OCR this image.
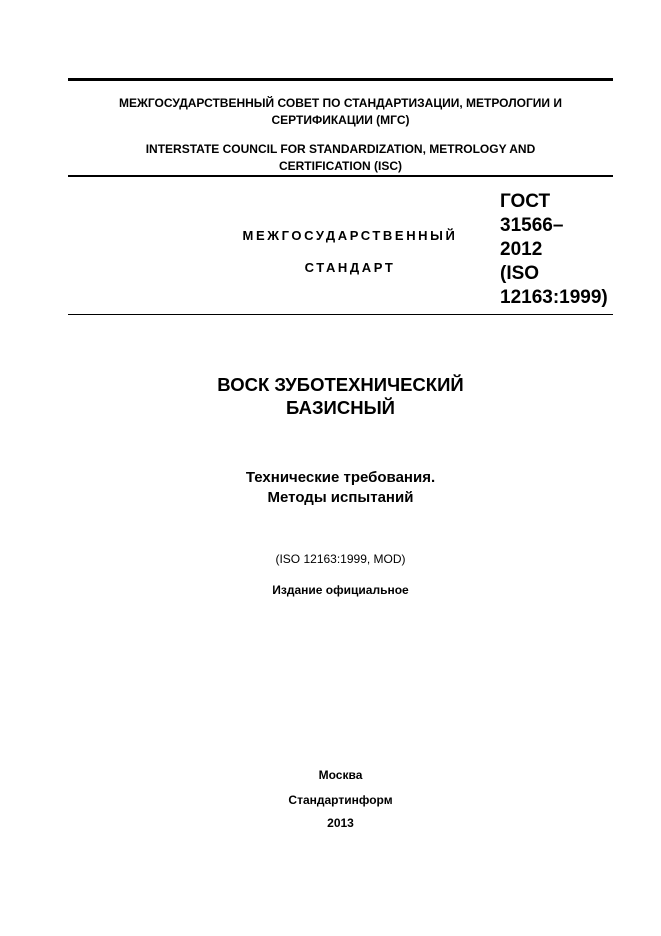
МЕЖГОСУДАРСТВЕННЫЙ СОВЕТ ПО СТАНДАРТИЗАЦИИ, МЕТРОЛОГИИ И
СЕРТИФИКАЦИИ (МГС)
INTERSTATE COUNCIL FOR STANDARDIZATION, METROLOGY AND
CERTIFICATION (ISC)
МЕЖГОСУДАРСТВЕННЫЙ
СТАНДАРТ
ГОСТ
31566–
2012
(ISO
12163:1999)
ВОСК ЗУБОТЕХНИЧЕСКИЙ
БАЗИСНЫЙ
Технические требования.
Методы испытаний
(ISO 12163:1999, MOD)
Издание официальное
Москва
Стандартинформ
2013
